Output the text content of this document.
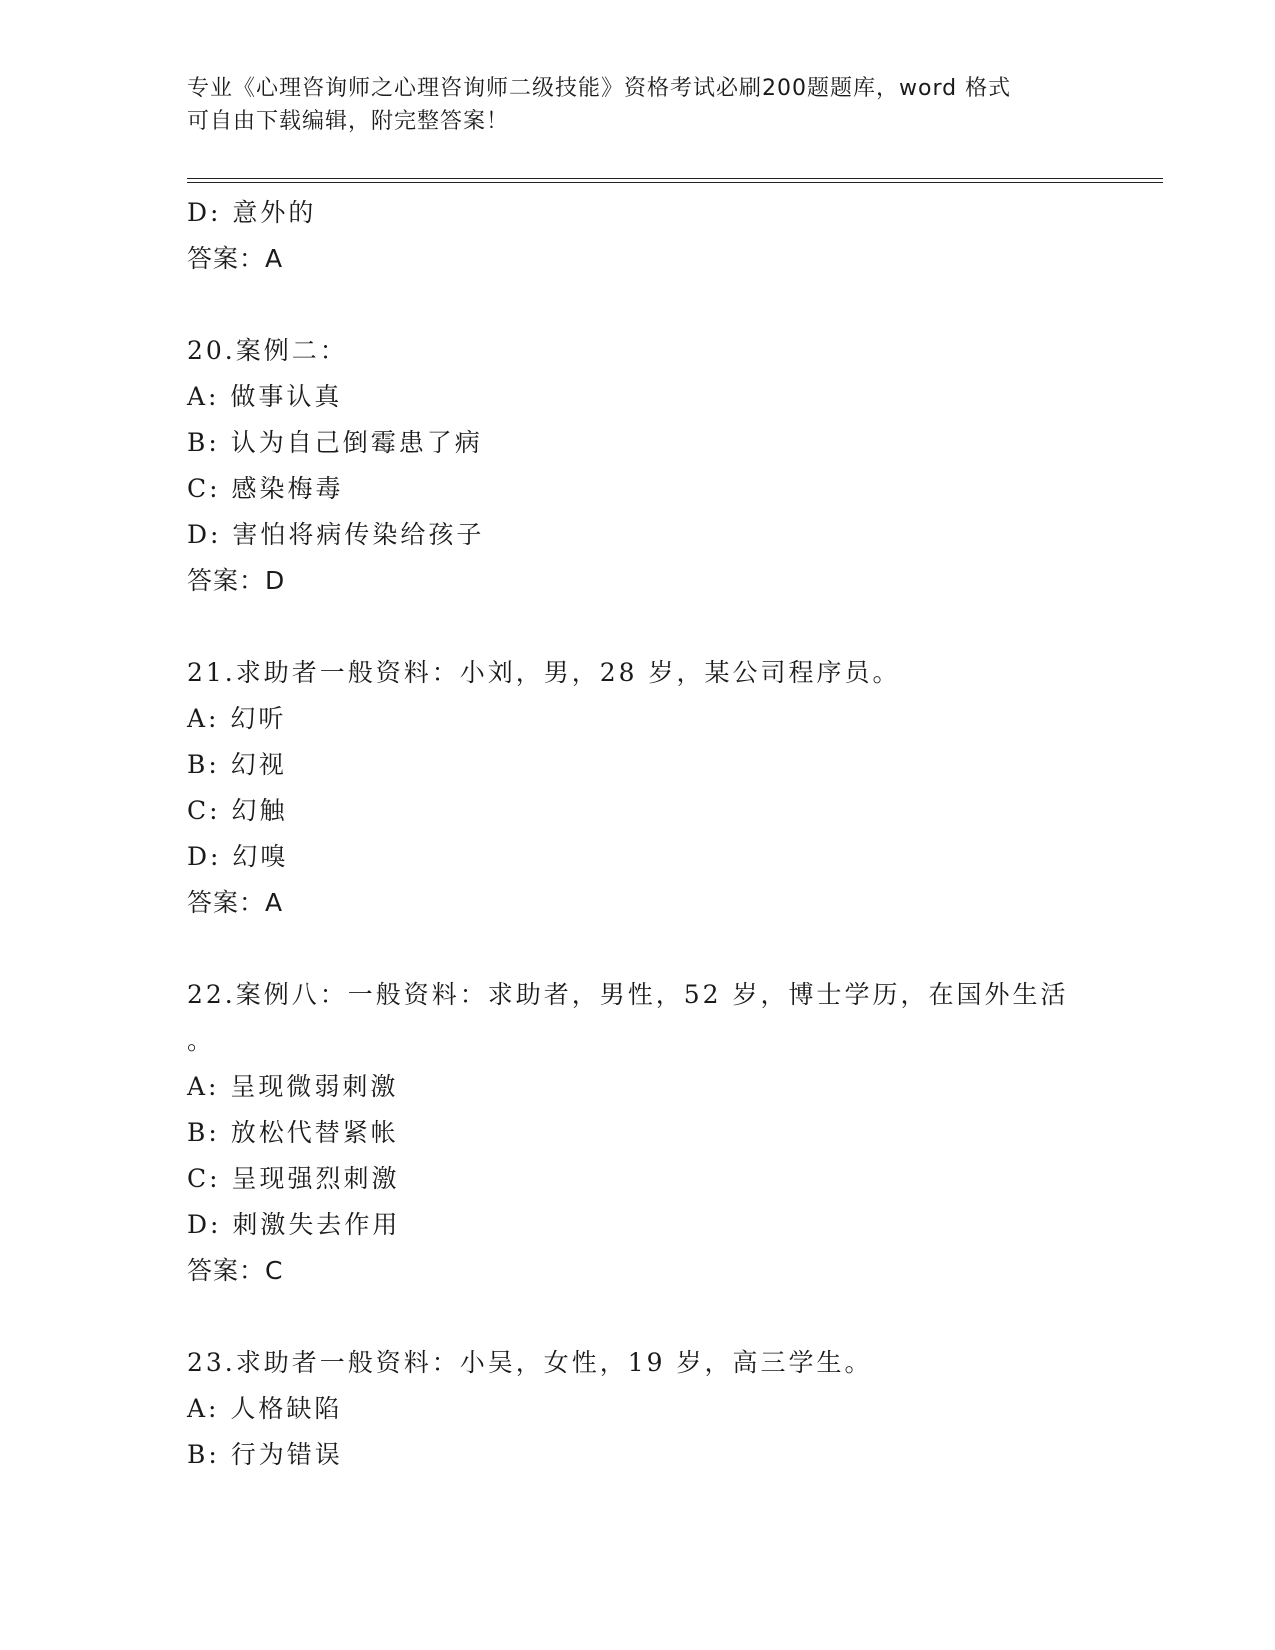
专业《心理咨询师之心理咨询师二级技能》资格考试必刷200题题库，word 格式
可自由下载编辑，附完整答案！
D: 意外的
答案：A
20.案例二：
A: 做事认真
B: 认为自己倒霉患了病
C: 感染梅毒
D: 害怕将病传染给孩子
答案：D
21.求助者一般资料：小刘，男，28 岁，某公司程序员。
A: 幻听
B: 幻视
C: 幻触
D: 幻嗅
答案：A
22.案例八：一般资料：求助者，男性，52 岁，博士学历，在国外生活
。
A: 呈现微弱刺激
B: 放松代替紧帐
C: 呈现强烈刺激
D: 刺激失去作用
答案：C
23.求助者一般资料：小吴，女性，19 岁，高三学生。
A: 人格缺陷
B: 行为错误
